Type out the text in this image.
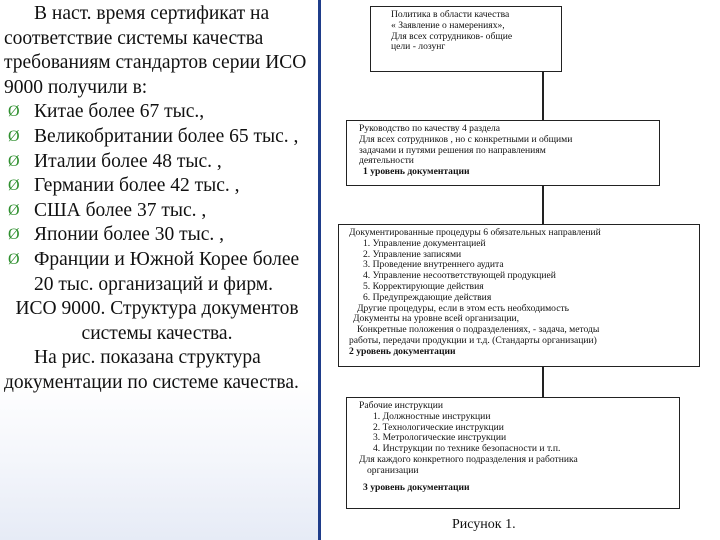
В наст. время сертификат на соответствие системы качества требованиям стандартов серии ИСО 9000 получили в:

Ø Китае более 67 тыс.,
Ø Великобритании более 65 тыс. ,
Ø Италии более 48 тыс. ,
Ø Германии более 42 тыс. ,
Ø США более 37 тыс. ,
Ø Японии более 30 тыс. ,
Ø Франции и Южной Корее более 20 тыс. организаций и фирм.

ИСО 9000. Структура документов системы качества.

На рис. показана структура документации по системе качества.

Политика в области качества
« Заявление о намерениях»,
Для всех сотрудников- общие
цели - лозунг
Руководство по качеству 4 раздела
Для всех сотрудников , но с конкретными и общими
задачами и путями решения по направлениям
деятельности
1 уровень документации
Документированные процедуры 6 обязательных направлений
1. Управление документацией
2. Управление записями
3. Проведение внутреннего аудита
4. Управление несоответствующей продукцией
5. Корректирующие действия
6. Предупреждающие действия
Другие процедуры, если в этом есть необходимость
Документы на уровне всей организации,
Конкретные положения о подразделениях, - задача, методы
работы, передачи продукции и т.д. (Стандарты организации)
2 уровень документации
Рабочие инструкции
1. Должностные инструкции
2. Технологические инструкции
3. Метрологические инструкции
4. Инструкции по технике безопасности и т.п.
Для каждого конкретного подразделения и работника
организации
3 уровень документации
Рисунок 1.
